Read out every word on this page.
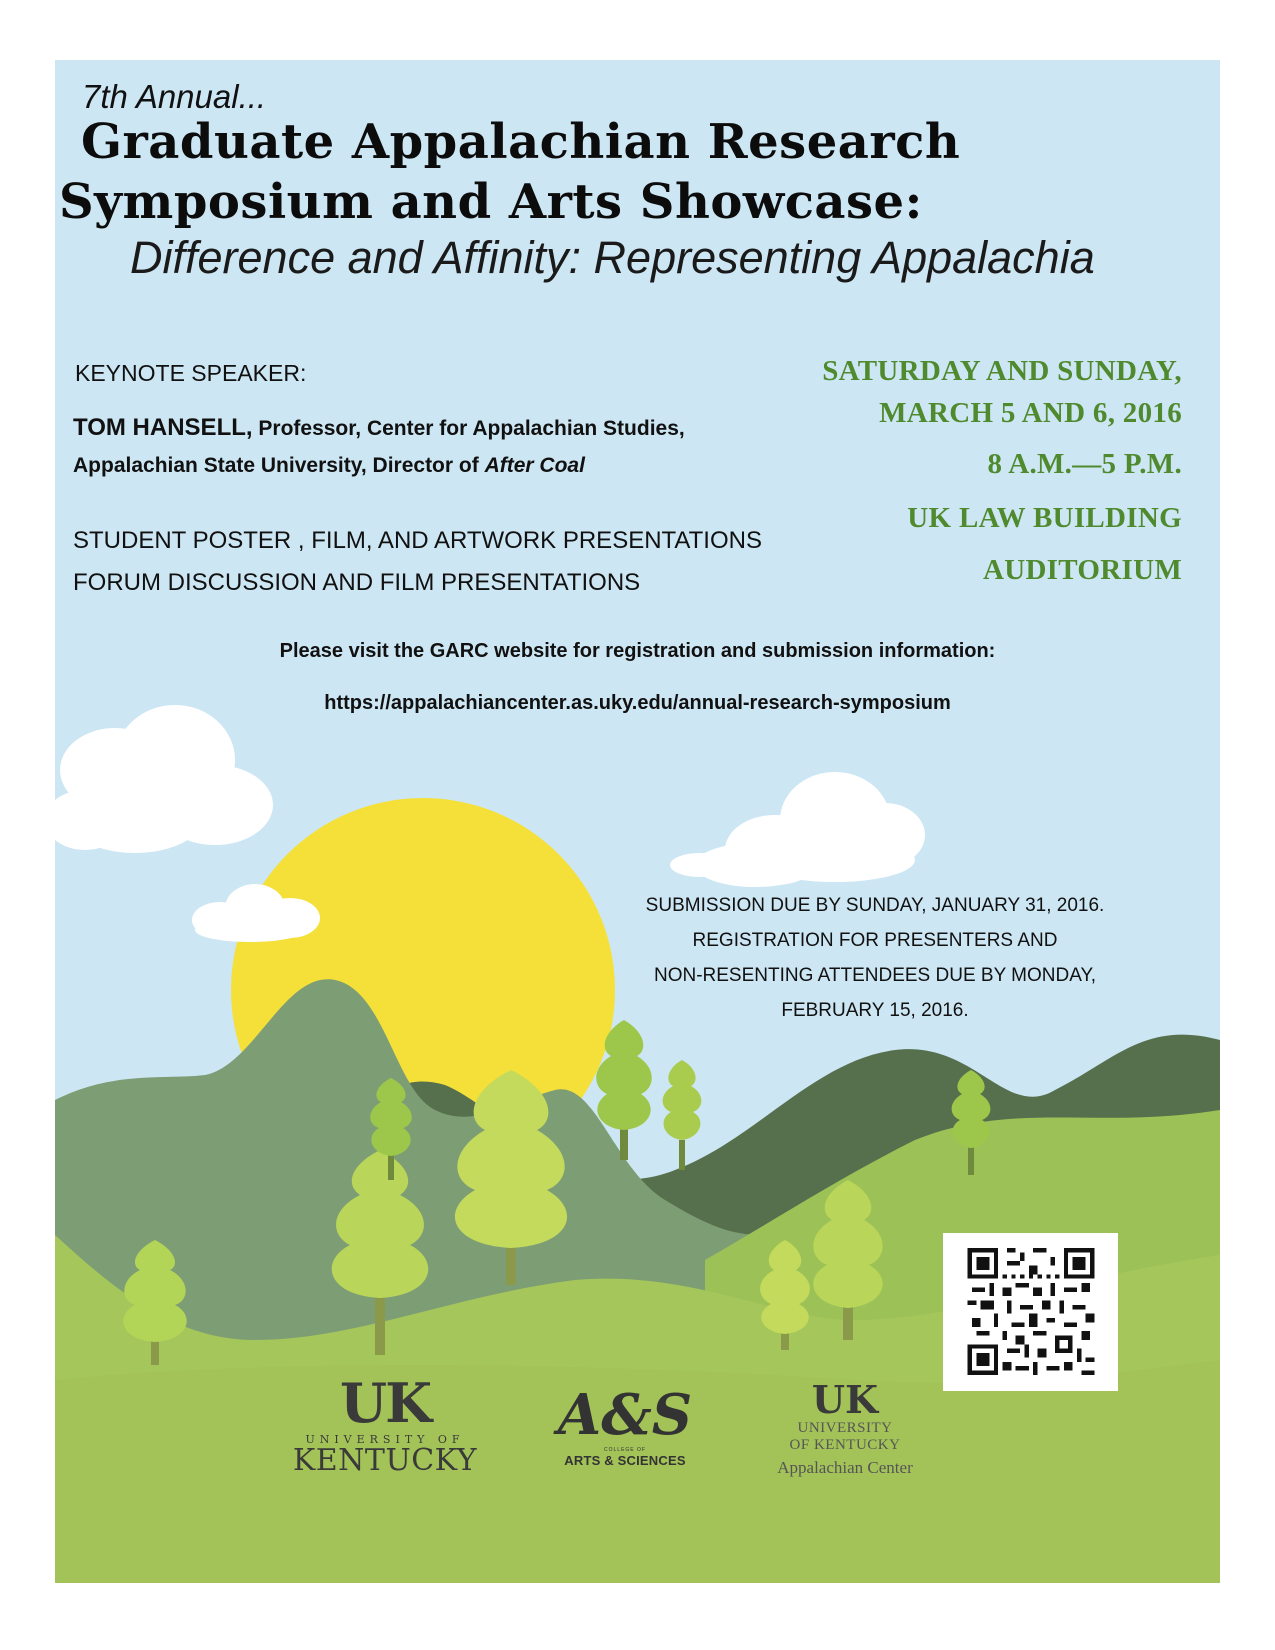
7th Annual...
Graduate Appalachian Research
Symposium and Arts Showcase:
Difference and Affinity: Representing Appalachia
KEYNOTE SPEAKER:
TOM HANSELL, Professor, Center for Appalachian Studies,
Appalachian State University, Director of After Coal
STUDENT POSTER , FILM, AND ARTWORK PRESENTATIONS
FORUM DISCUSSION AND FILM PRESENTATIONS
SATURDAY AND SUNDAY,
MARCH 5 AND 6, 2016
8 A.M.—5 P.M.
UK LAW BUILDING
AUDITORIUM
Please visit the GARC website for registration and submission information:
https://appalachiancenter.as.uky.edu/annual-research-symposium
SUBMISSION DUE BY SUNDAY, JANUARY 31, 2016.
REGISTRATION FOR PRESENTERS AND
NON-RESENTING ATTENDEES DUE BY MONDAY,
FEBRUARY 15, 2016.
UK
UNIVERSITY OF
KENTUCKY
A&S
COLLEGE OF
ARTS & SCIENCES
UK
UNIVERSITY
OF KENTUCKY
Appalachian Center
